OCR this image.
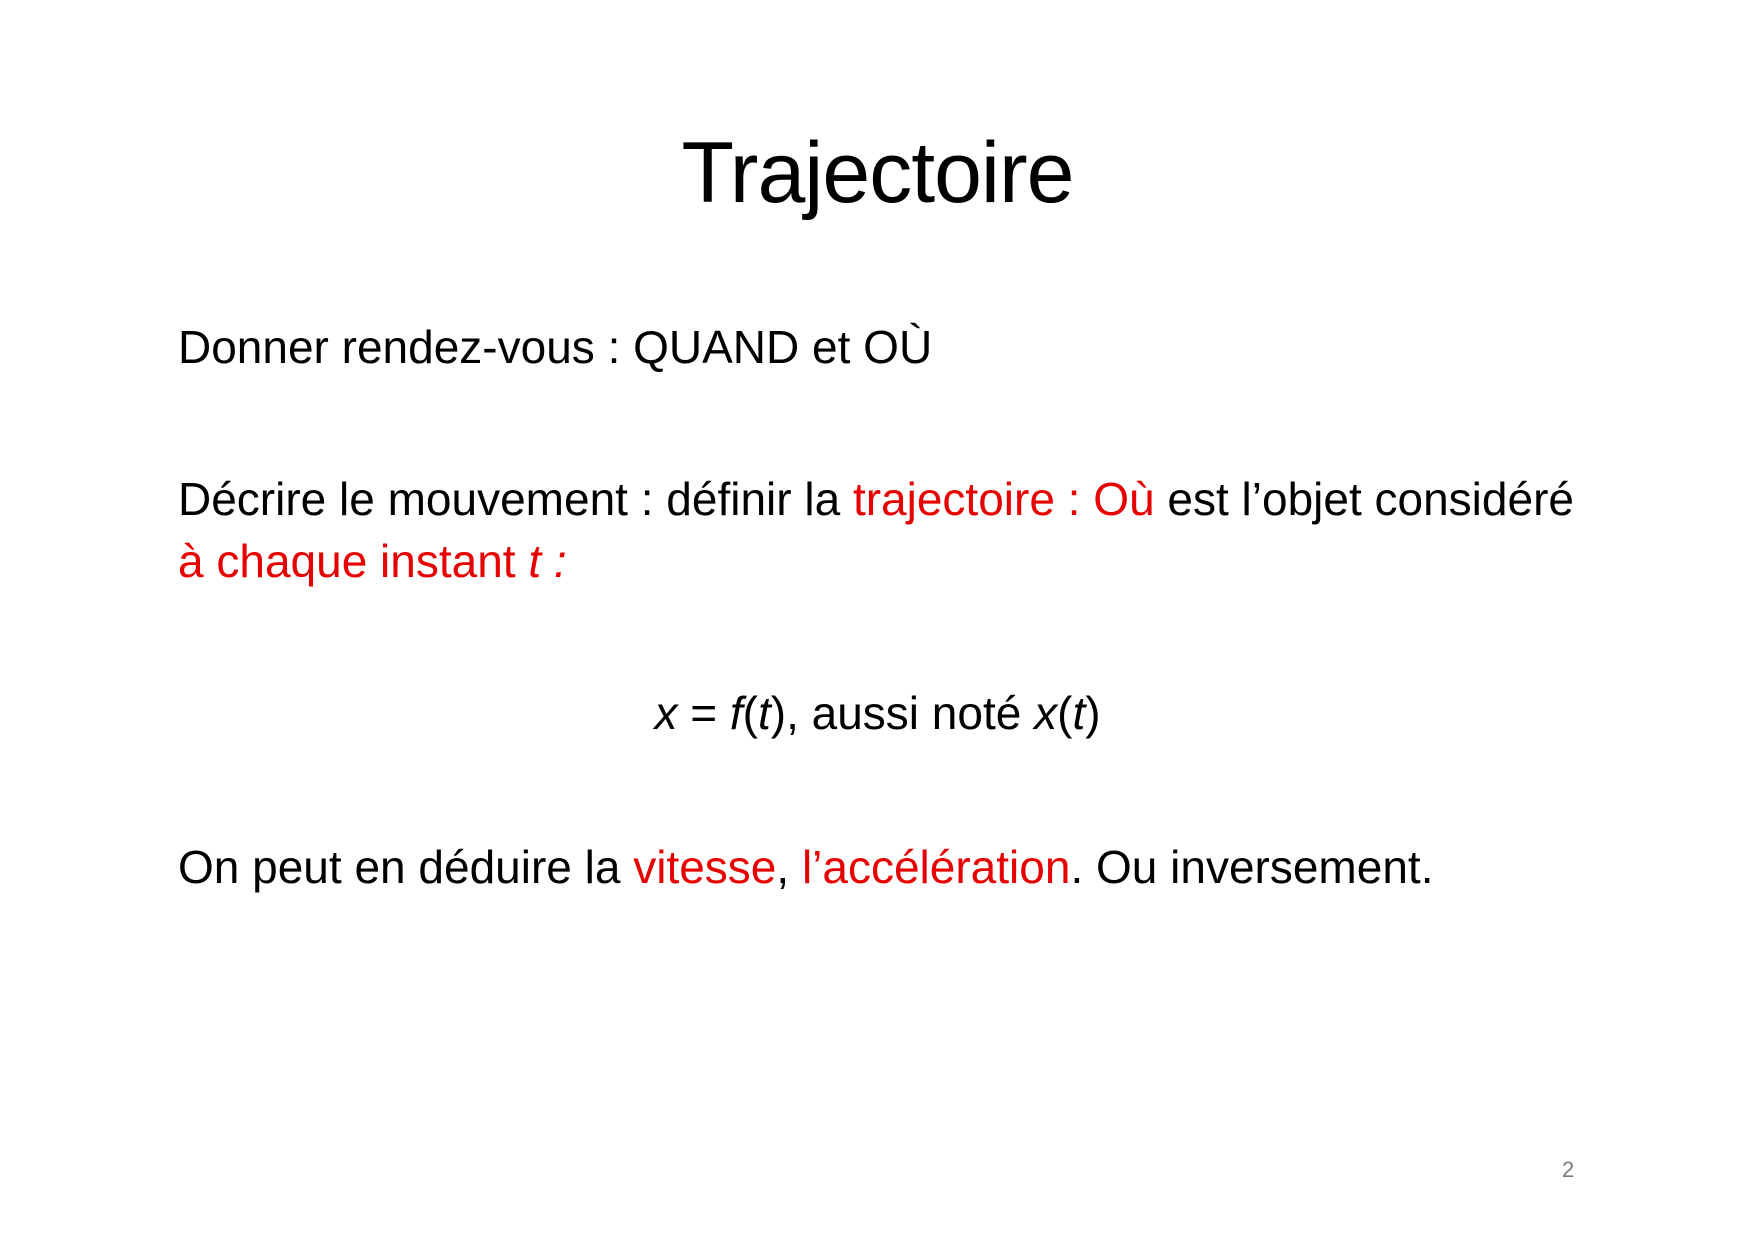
Trajectoire

Donner rendez-vous : QUAND et OÙ

Décrire le mouvement : définir la trajectoire : Où est l’objet considéré à chaque instant t :

x = f(t), aussi noté x(t)

On peut en déduire la vitesse, l’accélération. Ou inversement.

2
